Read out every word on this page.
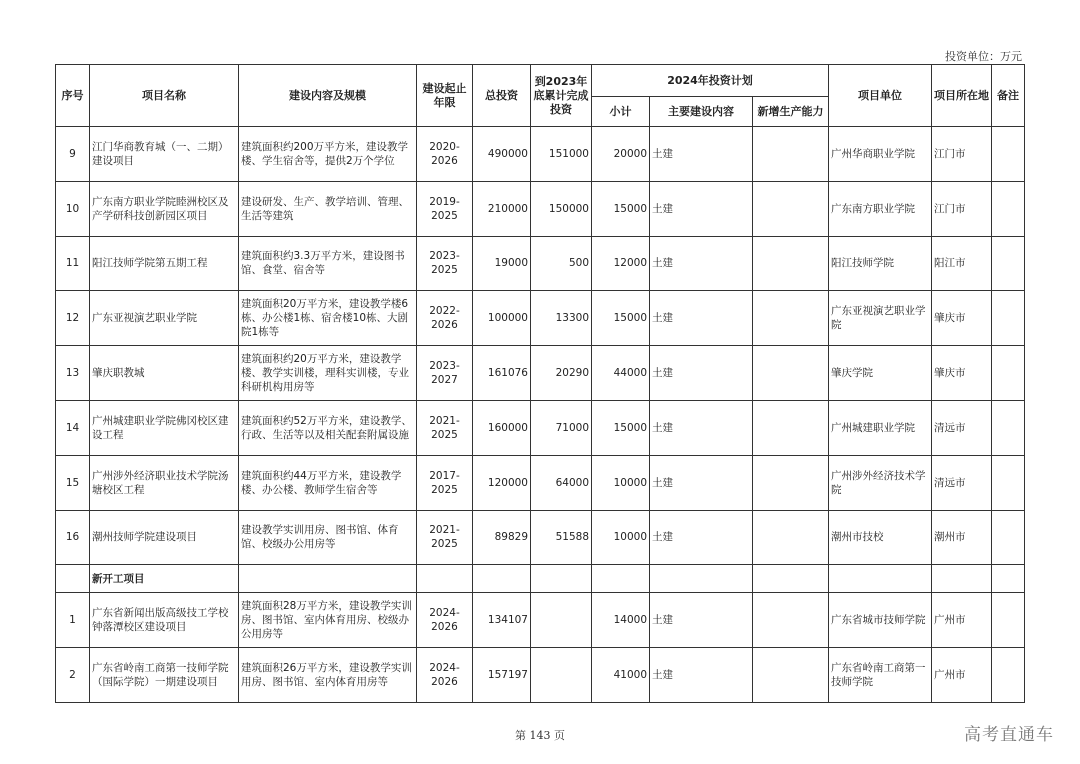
投资单位：万元
序号	项目名称	建设内容及规模	建设起止年限	总投资	到2023年底累计完成投资	2024年投资计划			项目单位	项目所在地	备注
						小计	主要建设内容	新增生产能力			
9	江门华商教育城（一、二期）建设项目	建筑面积约200万平方米，建设教学楼、学生宿舍等，提供2万个学位	2020-2026	490000	151000	20000	土建		广州华商职业学院	江门市	
10	广东南方职业学院睦洲校区及产学研科技创新园区项目	建设研发、生产、教学培训、管理、生活等建筑	2019-2025	210000	150000	15000	土建		广东南方职业学院	江门市	
11	阳江技师学院第五期工程	建筑面积约3.3万平方米，建设图书馆、食堂、宿舍等	2023-2025	19000	500	12000	土建		阳江技师学院	阳江市	
12	广东亚视演艺职业学院	建筑面积20万平方米，建设教学楼6栋、办公楼1栋、宿舍楼10栋、大剧院1栋等	2022-2026	100000	13300	15000	土建		广东亚视演艺职业学院	肇庆市	
13	肇庆职教城	建筑面积约20万平方米，建设教学楼、教学实训楼，理科实训楼，专业科研机构用房等	2023-2027	161076	20290	44000	土建		肇庆学院	肇庆市	
14	广州城建职业学院佛冈校区建设工程	建筑面积约52万平方米，建设教学、行政、生活等以及相关配套附属设施	2021-2025	160000	71000	15000	土建		广州城建职业学院	清远市	
15	广州涉外经济职业技术学院汤塘校区工程	建筑面积约44万平方米，建设教学楼、办公楼、教师学生宿舍等	2017-2025	120000	64000	10000	土建		广州涉外经济技术学院	清远市	
16	潮州技师学院建设项目	建设教学实训用房、图书馆、体育馆、校级办公用房等	2021-2025	89829	51588	10000	土建		潮州市技校	潮州市	
	新开工项目										
1	广东省新闻出版高级技工学校钟落潭校区建设项目	建筑面积28万平方米，建设教学实训房、图书馆、室内体育用房、校级办公用房等	2024-2026	134107		14000	土建		广东省城市技师学院	广州市	
2	广东省岭南工商第一技师学院（国际学院）一期建设项目	建筑面积26万平方米，建设教学实训用房、图书馆、室内体育用房等	2024-2026	157197		41000	土建		广东省岭南工商第一技师学院	广州市	
第 143 页	高考直通车
